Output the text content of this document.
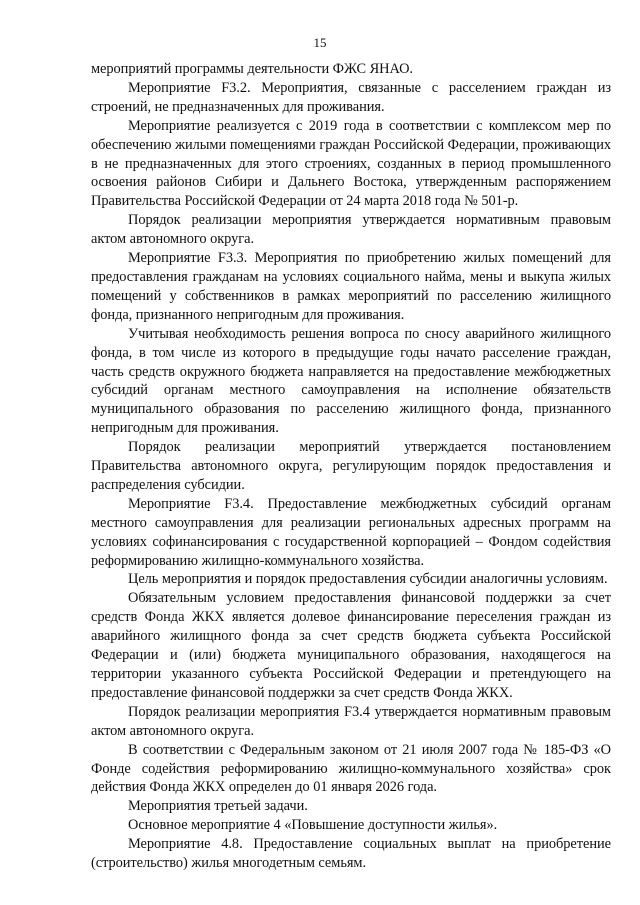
15

мероприятий программы деятельности ФЖС ЯНАО.

Мероприятие F3.2. Мероприятия, связанные с расселением граждан из строений, не предназначенных для проживания.

Мероприятие реализуется с 2019 года в соответствии с комплексом мер по обеспечению жилыми помещениями граждан Российской Федерации, проживающих в не предназначенных для этого строениях, созданных в период промышленного освоения районов Сибири и Дальнего Востока, утвержденным распоряжением Правительства Российской Федерации от 24 марта 2018 года № 501-р.

Порядок реализации мероприятия утверждается нормативным правовым актом автономного округа.

Мероприятие F3.3. Мероприятия по приобретению жилых помещений для предоставления гражданам на условиях социального найма, мены и выкупа жилых помещений у собственников в рамках мероприятий по расселению жилищного фонда, признанного непригодным для проживания.

Учитывая необходимость решения вопроса по сносу аварийного жилищного фонда, в том числе из которого в предыдущие годы начато расселение граждан, часть средств окружного бюджета направляется на предоставление межбюджетных субсидий органам местного самоуправления на исполнение обязательств муниципального образования по расселению жилищного фонда, признанного непригодным для проживания.

Порядок реализации мероприятий утверждается постановлением Правительства автономного округа, регулирующим порядок предоставления и распределения субсидии.

Мероприятие F3.4. Предоставление межбюджетных субсидий органам местного самоуправления для реализации региональных адресных программ на условиях софинансирования с государственной корпорацией – Фондом содействия реформированию жилищно-коммунального хозяйства.

Цель мероприятия и порядок предоставления субсидии аналогичны условиям.

Обязательным условием предоставления финансовой поддержки за счет средств Фонда ЖКХ является долевое финансирование переселения граждан из аварийного жилищного фонда за счет средств бюджета субъекта Российской Федерации и (или) бюджета муниципального образования, находящегося на территории указанного субъекта Российской Федерации и претендующего на предоставление финансовой поддержки за счет средств Фонда ЖКХ.

Порядок реализации мероприятия F3.4 утверждается нормативным правовым актом автономного округа.

В соответствии с Федеральным законом от 21 июля 2007 года № 185-ФЗ «О Фонде содействия реформированию жилищно-коммунального хозяйства» срок действия Фонда ЖКХ определен до 01 января 2026 года.

Мероприятия третьей задачи.

Основное мероприятие 4 «Повышение доступности жилья».

Мероприятие 4.8. Предоставление социальных выплат на приобретение (строительство) жилья многодетным семьям.
